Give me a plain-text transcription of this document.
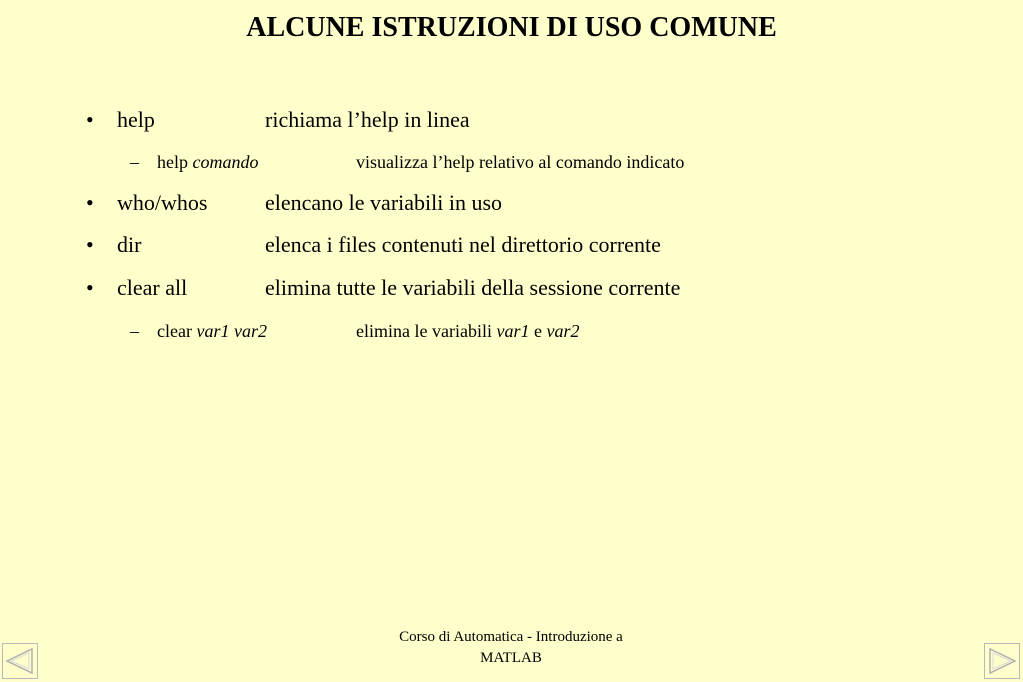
ALCUNE ISTRUZIONI DI USO COMUNE
• help	richiama l’help in linea
– help comando	visualizza l’help relativo al comando indicato
• who/whos	elencano le variabili in uso
• dir	elenca i files contenuti nel direttorio corrente
• clear all	elimina tutte le variabili della sessione corrente
– clear var1 var2	elimina le variabili var1 e var2
Corso di Automatica - Introduzione a
MATLAB
